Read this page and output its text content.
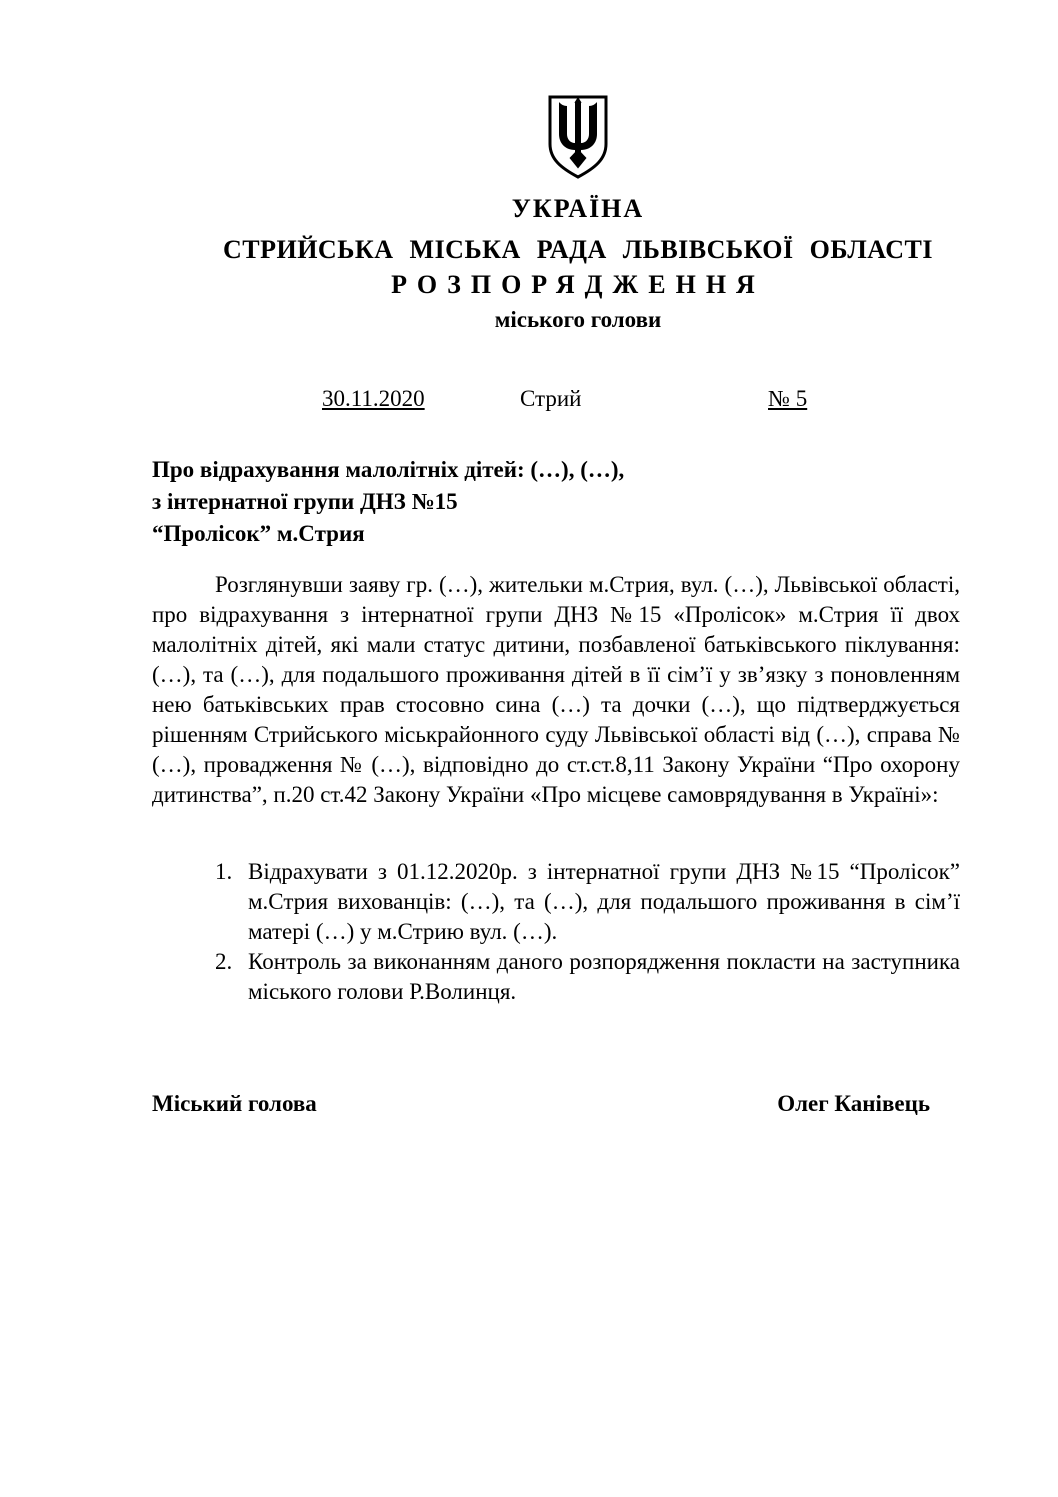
УКРАЇНА
СТРИЙСЬКА МІСЬКА РАДА ЛЬВІВСЬКОЇ ОБЛАСТІ
РОЗПОРЯДЖЕННЯ
міського голови
30.11.2020	Стрий	№ 5
Про відрахування малолітніх дітей: (…), (…),
з інтернатної групи ДНЗ №15
“Пролісок” м.Стрия

Розглянувши заяву гр. (…), жительки м.Стрия, вул. (…), Львівської області, про відрахування з інтернатної групи ДНЗ №15 «Пролісок» м.Стрия її двох малолітніх дітей, які мали статус дитини, позбавленої батьківського піклування: (…), та (…), для подальшого проживання дітей в її сім’ї у зв’язку з поновленням нею батьківських прав стосовно сина (…) та дочки (…), що підтверджується рішенням Стрийського міськрайонного суду Львівської області від (…), справа № (…), провадження № (…), відповідно до ст.ст.8,11 Закону України “Про охорону дитинства”, п.20 ст.42 Закону України «Про місцеве самоврядування в Україні»:

1. Відрахувати з 01.12.2020р. з інтернатної групи ДНЗ №15 “Пролісок” м.Стрия вихованців: (…), та (…), для подальшого проживання в сім’ї матері (…) у м.Стрию вул. (…).
2. Контроль за виконанням даного розпорядження покласти на заступника міського голови Р.Волинця.
Міський голова	Олег Канівець
